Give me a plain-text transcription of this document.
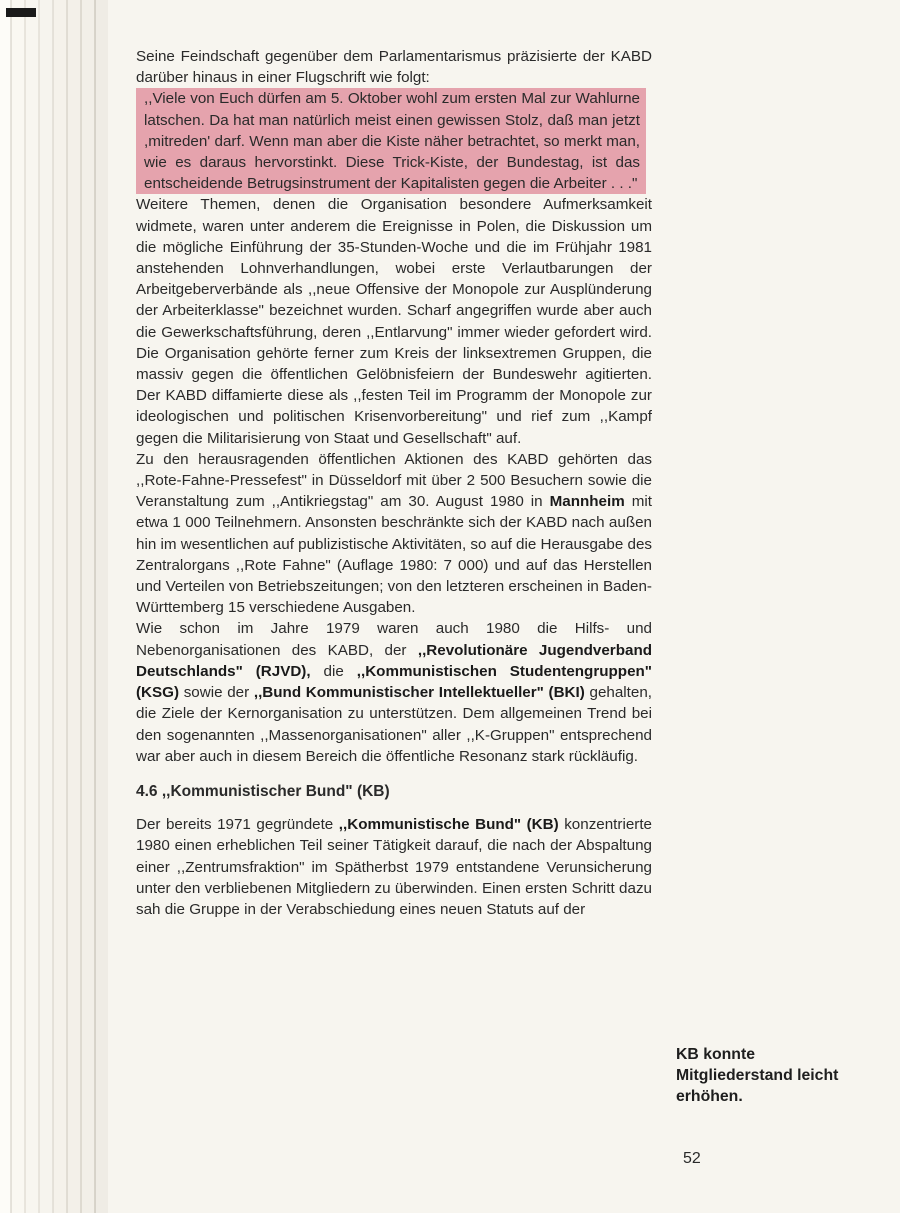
Seine Feindschaft gegenüber dem Parlamentarismus präzisierte der KABD darüber hinaus in einer Flugschrift wie folgt:

,,Viele von Euch dürfen am 5. Oktober wohl zum ersten Mal zur Wahlurne latschen. Da hat man natürlich meist einen gewissen Stolz, daß man jetzt ,mitreden' darf. Wenn man aber die Kiste näher betrachtet, so merkt man, wie es daraus hervorstinkt. Diese Trick-Kiste, der Bundestag, ist das entscheidende Betrugsinstrument der Kapitalisten gegen die Arbeiter . . ."

Weitere Themen, denen die Organisation besondere Aufmerksamkeit widmete, waren unter anderem die Ereignisse in Polen, die Diskussion um die mögliche Einführung der 35-Stunden-Woche und die im Frühjahr 1981 anstehenden Lohnverhandlungen, wobei erste Verlautbarungen der Arbeitgeberverbände als ,,neue Offensive der Monopole zur Ausplünderung der Arbeiterklasse" bezeichnet wurden. Scharf angegriffen wurde aber auch die Gewerkschaftsführung, deren ,,Entlarvung" immer wieder gefordert wird. Die Organisation gehörte ferner zum Kreis der linksextremen Gruppen, die massiv gegen die öffentlichen Gelöbnisfeiern der Bundeswehr agitierten. Der KABD diffamierte diese als ,,festen Teil im Programm der Monopole zur ideologischen und politischen Krisenvorbereitung" und rief zum ,,Kampf gegen die Militarisierung von Staat und Gesellschaft" auf.

Zu den herausragenden öffentlichen Aktionen des KABD gehörten das ,,Rote-Fahne-Pressefest" in Düsseldorf mit über 2 500 Besuchern sowie die Veranstaltung zum ,,Antikriegstag" am 30. August 1980 in Mannheim mit etwa 1 000 Teilnehmern. Ansonsten beschränkte sich der KABD nach außen hin im wesentlichen auf publizistische Aktivitäten, so auf die Herausgabe des Zentralorgans ,,Rote Fahne" (Auflage 1980: 7 000) und auf das Herstellen und Verteilen von Betriebszeitungen; von den letzteren erscheinen in Baden-Württemberg 15 verschiedene Ausgaben.

Wie schon im Jahre 1979 waren auch 1980 die Hilfs- und Nebenorganisationen des KABD, der ,,Revolutionäre Jugendverband Deutschlands" (RJVD), die ,,Kommunistischen Studentengruppen" (KSG) sowie der ,,Bund Kommunistischer Intellektueller" (BKI) gehalten, die Ziele der Kernorganisation zu unterstützen. Dem allgemeinen Trend bei den sogenannten ,,Massenorganisationen" aller ,,K-Gruppen" entsprechend war aber auch in diesem Bereich die öffentliche Resonanz stark rückläufig.

4.6 ,,Kommunistischer Bund" (KB)

Der bereits 1971 gegründete ,,Kommunistische Bund" (KB) konzentrierte 1980 einen erheblichen Teil seiner Tätigkeit darauf, die nach der Abspaltung einer ,,Zentrumsfraktion" im Spätherbst 1979 entstandene Verunsicherung unter den verbliebenen Mitgliedern zu überwinden. Einen ersten Schritt dazu sah die Gruppe in der Verabschiedung eines neuen Statuts auf der

KB konnte Mitgliederstand leicht erhöhen.
52
